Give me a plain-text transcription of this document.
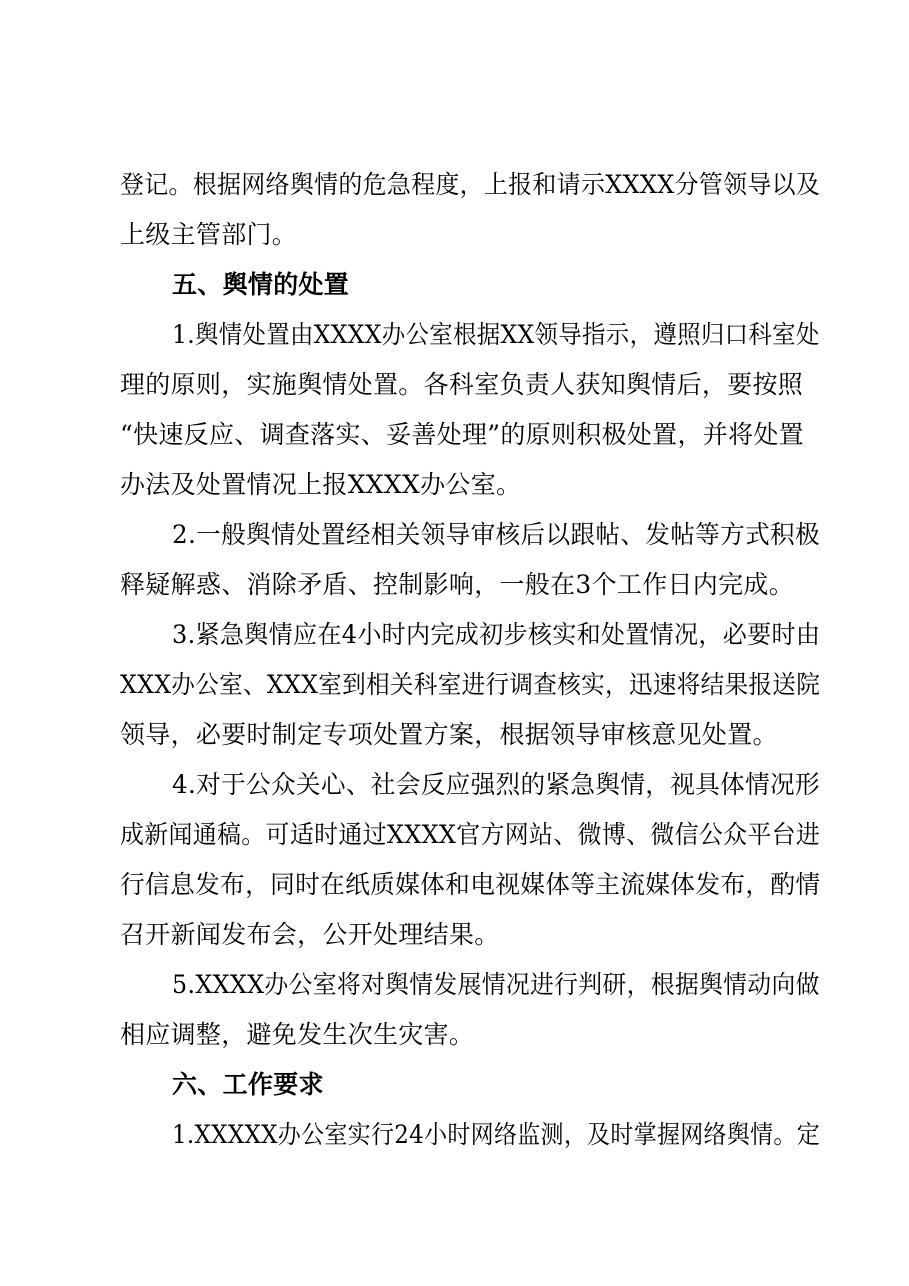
登记。根据网络舆情的危急程度，上报和请示XXXX分管领导以及
上级主管部门。
五、舆情的处置
1.舆情处置由XXXX办公室根据XX领导指示，遵照归口科室处
理的原则，实施舆情处置。各科室负责人获知舆情后，要按照
“快速反应、调查落实、妥善处理”的原则积极处置，并将处置
办法及处置情况上报XXXX办公室。
2.一般舆情处置经相关领导审核后以跟帖、发帖等方式积极
释疑解惑、消除矛盾、控制影响，一般在3个工作日内完成。
3.紧急舆情应在4小时内完成初步核实和处置情况，必要时由
XXX办公室、XXX室到相关科室进行调查核实，迅速将结果报送院
领导，必要时制定专项处置方案，根据领导审核意见处置。
4.对于公众关心、社会反应强烈的紧急舆情，视具体情况形
成新闻通稿。可适时通过XXXX官方网站、微博、微信公众平台进
行信息发布，同时在纸质媒体和电视媒体等主流媒体发布，酌情
召开新闻发布会，公开处理结果。
5.XXXX办公室将对舆情发展情况进行判研，根据舆情动向做
相应调整，避免发生次生灾害。
六、工作要求
1.XXXXX办公室实行24小时网络监测，及时掌握网络舆情。定
